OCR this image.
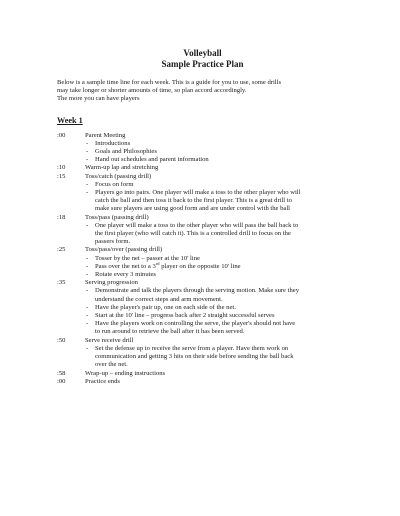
Volleyball
Sample Practice Plan
Below is a sample time line for each week. This is a guide for you to use, some drills
may take longer or shorter amounts of time, so plan accord accordingly.
The more you can have players
Week 1
:00	Parent Meeting
- Introductions
- Goals and Philosophies
- Hand out schedules and parent information
:10	Warm-up lap and stretching
:15	Toss/catch (passing drill)
- Focus on form
- Players go into pairs. One player will make a toss to the other player who will
catch the ball and then toss it back to the first player. This is a great drill to
make sure players are using good form and are under control with the ball
:18	Toss/pass (passing drill)
- One player will make a toss to the other player who will pass the ball back to
the first player (who will catch it). This is a controlled drill to focus on the
passers form.
:25	Toss/pass/over (passing drill)
- Tosser by the net – passer at the 10' line
- Pass over the net to a 3rd player on the opposite 10' line
- Rotate every 3 minutes
:35	Serving progression
- Demonstrate and talk the players through the serving motion. Make sure they
understand the correct steps and arm movement.
- Have the player's pair up, one on each side of the net.
- Start at the 10' line – progress back after 2 straight successful serves
- Have the players work on controlling the serve, the player's should not have
to run around to retrieve the ball after it has been served.
:50	Serve receive drill
- Set the defense up to receive the serve from a player. Have them work on
communication and getting 3 hits on their side before sending the ball back
over the net.
:58	Wrap-up – ending instructions
:00	Practice ends
